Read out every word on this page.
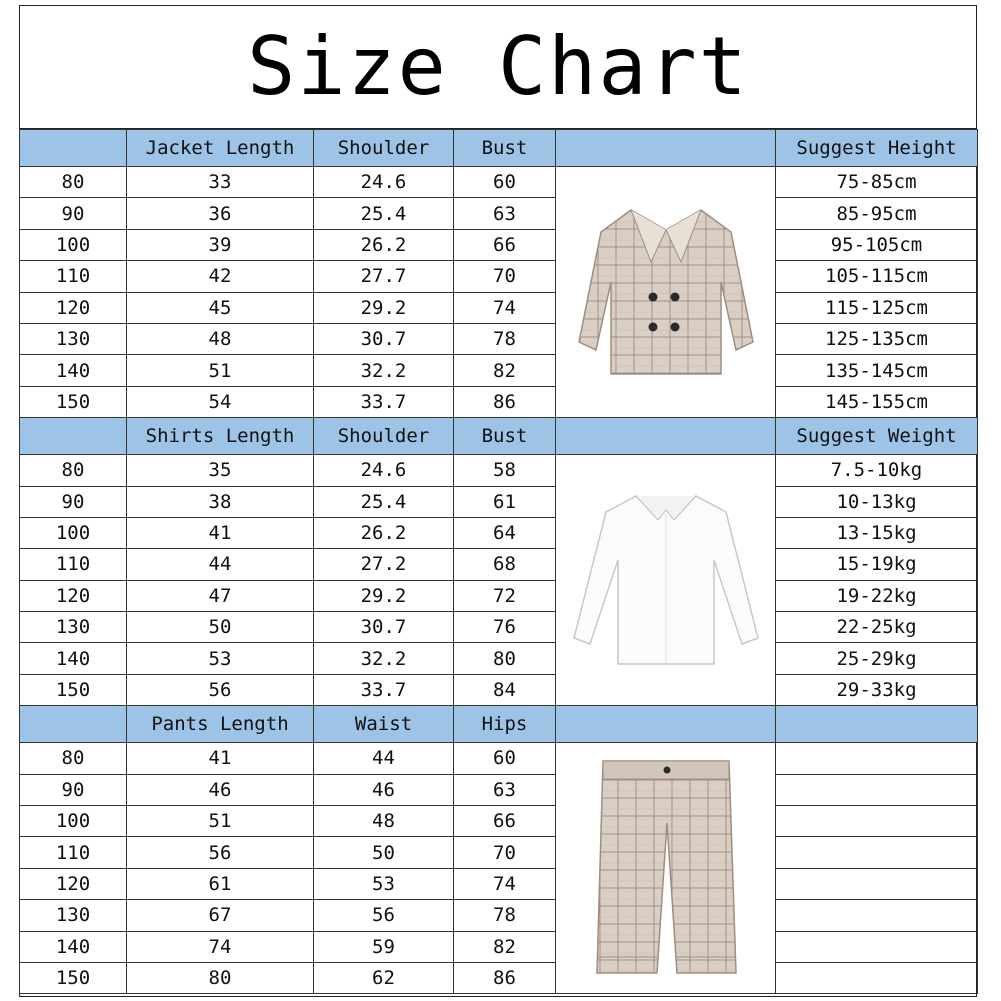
Size Chart
	Jacket Length	Shoulder	Bust		Suggest Height
80	33	24.6	60		75-85cm
90	36	25.4	63		85-95cm
100	39	26.2	66		95-105cm
110	42	27.7	70		105-115cm
120	45	29.2	74		115-125cm
130	48	30.7	78		125-135cm
140	51	32.2	82		135-145cm
150	54	33.7	86		145-155cm
	Shirts Length	Shoulder	Bust		Suggest Weight
80	35	24.6	58		7.5-10kg
90	38	25.4	61		10-13kg
100	41	26.2	64		13-15kg
110	44	27.2	68		15-19kg
120	47	29.2	72		19-22kg
130	50	30.7	76		22-25kg
140	53	32.2	80		25-29kg
150	56	33.7	84		29-33kg
	Pants Length	Waist	Hips		
80	41	44	60	

90	46	46	63		
100	51	48	66		
110	56	50	70		
120	61	53	74		
130	67	56	78		
140	74	59	82		
150	80	62	86		
